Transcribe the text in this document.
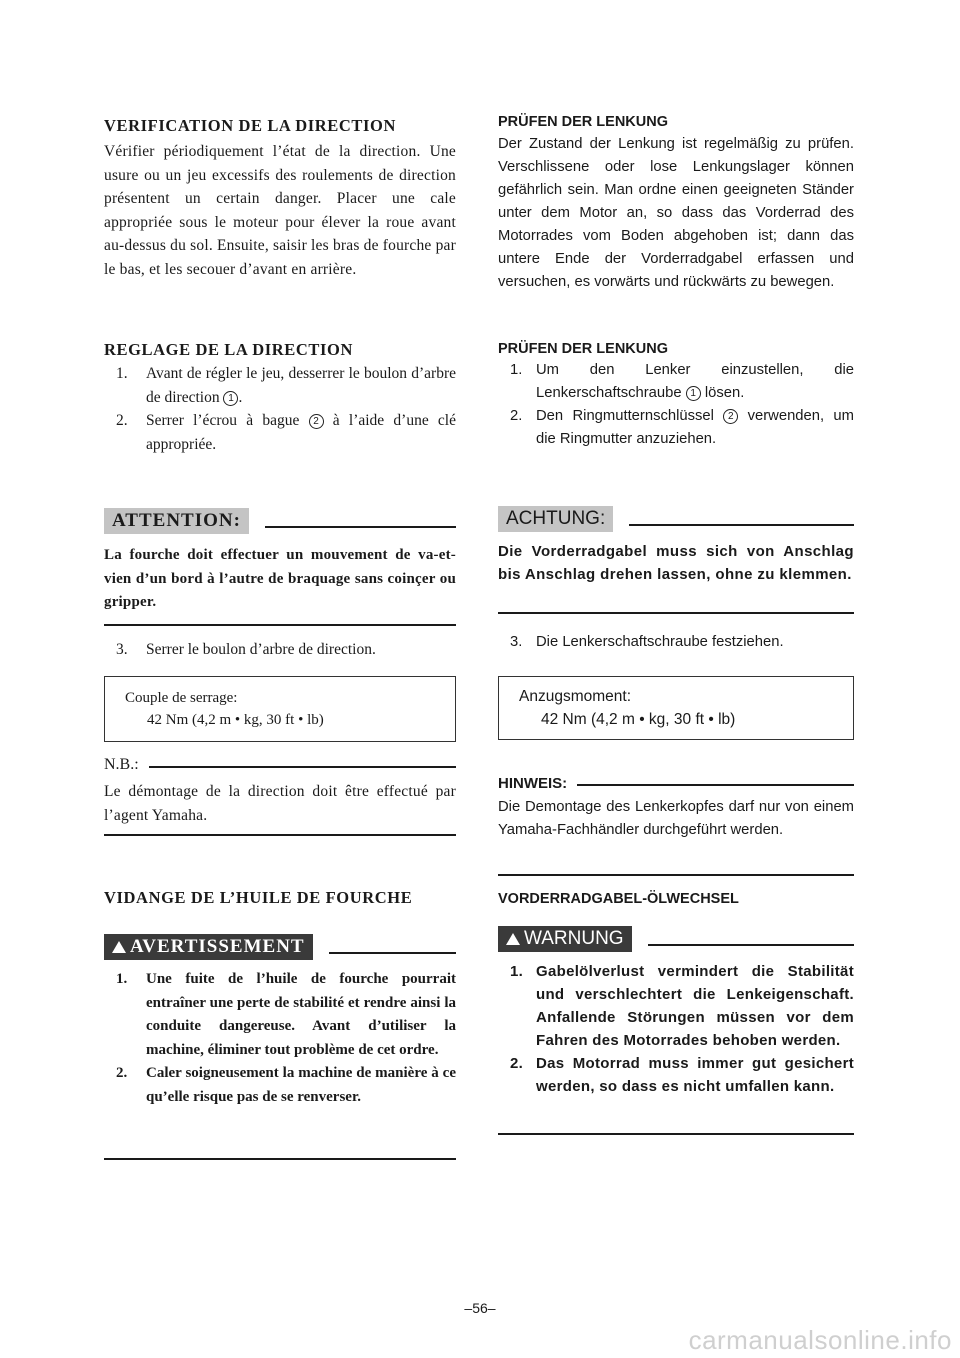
VERIFICATION DE LA DIRECTION

Vérifier périodiquement l’état de la direction. Une usure ou un jeu excessifs des roulements de direction présentent un certain danger. Placer une cale appropriée sous le moteur pour élever la roue avant au-dessus du sol. Ensuite, saisir les bras de fourche par le bas, et les secouer d’avant en arrière.

REGLAGE DE LA DIRECTION
1. Avant de régler le jeu, desserrer le boulon d’arbre de direction 1 .
2. Serrer l’écrou à bague 2 à l’aide d’une clé appropriée.
ATTENTION:

La fourche doit effectuer un mouvement de va-et-vien d’un bord à l’autre de braquage sans coinçer ou gripper.

3. Serrer le boulon d’arbre de direction.
Couple de serrage:
42 Nm (4,2 m • kg, 30 ft • lb)
N.B.:

Le démontage de la direction doit être effectué par l’agent Yamaha.

VIDANGE DE L’HUILE DE FOURCHE
AVERTISSEMENT
1. Une fuite de l’huile de fourche pourrait entraîner une perte de stabilité et rendre ainsi la conduite dangereuse. Avant d’utiliser la machine, éliminer tout problème de cet ordre.
2. Caler soigneusement la machine de manière à ce qu’elle risque pas de se renverser.
PRÜFEN DER LENKUNG

Der Zustand der Lenkung ist regelmäßig zu prüfen. Verschlissene oder lose Lenkungslager können gefährlich sein. Man ordne einen geeigneten Ständer unter dem Motor an, so dass das Vorderrad des Motorrades vom Boden abgehoben ist; dann das untere Ende der Vorderradgabel erfassen und versuchen, es vorwärts und rückwärts zu bewegen.

PRÜFEN DER LENKUNG
1. Um den Lenker einzustellen, die Lenkerschaftschraube 1 lösen.
2. Den Ringmutternschlüssel 2 verwenden, um die Ringmutter anzuziehen.
ACHTUNG:

Die Vorderradgabel muss sich von Anschlag bis Anschlag drehen lassen, ohne zu klemmen.

3. Die Lenkerschaftschraube festziehen.
Anzugsmoment:
42 Nm (4,2 m • kg, 30 ft • lb)
HINWEIS:

Die Demontage des Lenkerkopfes darf nur von einem Yamaha-Fachhändler durchgeführt werden.

VORDERRADGABEL-ÖLWECHSEL
WARNUNG
1. Gabelölverlust vermindert die Stabilität und verschlechtert die Lenkeigenschaft. Anfallende Störungen müssen vor dem Fahren des Motorrades behoben werden.
2. Das Motorrad muss immer gut gesichert werden, so dass es nicht umfallen kann.
–56–
carmanualsonline.info
